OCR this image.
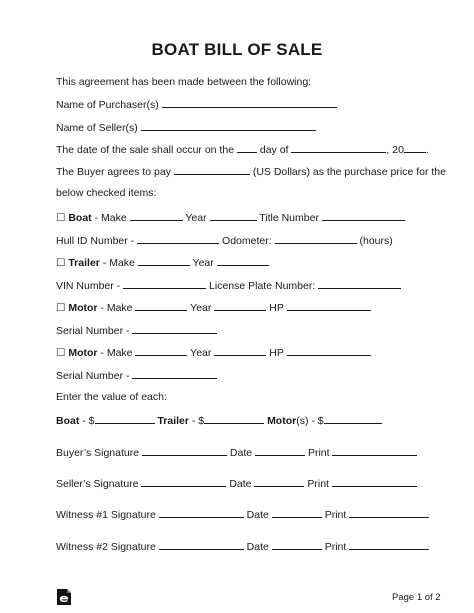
BOAT BILL OF SALE
This agreement has been made between the following:
Name of Purchaser(s)
Name of Seller(s)
The date of the sale shall occur on the day of	, 20 .
The Buyer agrees to pay	(US Dollars) as the purchase price for the
below checked items:
☐ Boat - Make	Year	Title Number
Hull ID Number -	Odometer:	(hours)
☐ Trailer - Make	Year
VIN Number -	License Plate Number:
☐ Motor - Make	Year	HP
Serial Number -
☐ Motor - Make	Year	HP
Serial Number -
Enter the value of each:
Boat - $	Trailer - $	Motor(s) - $
Buyer’s Signature	Date	Print
Seller’s Signature	Date	Print
Witness #1 Signature	Date	Print
Witness #2 Signature	Date	Print
Page 1 of 2
